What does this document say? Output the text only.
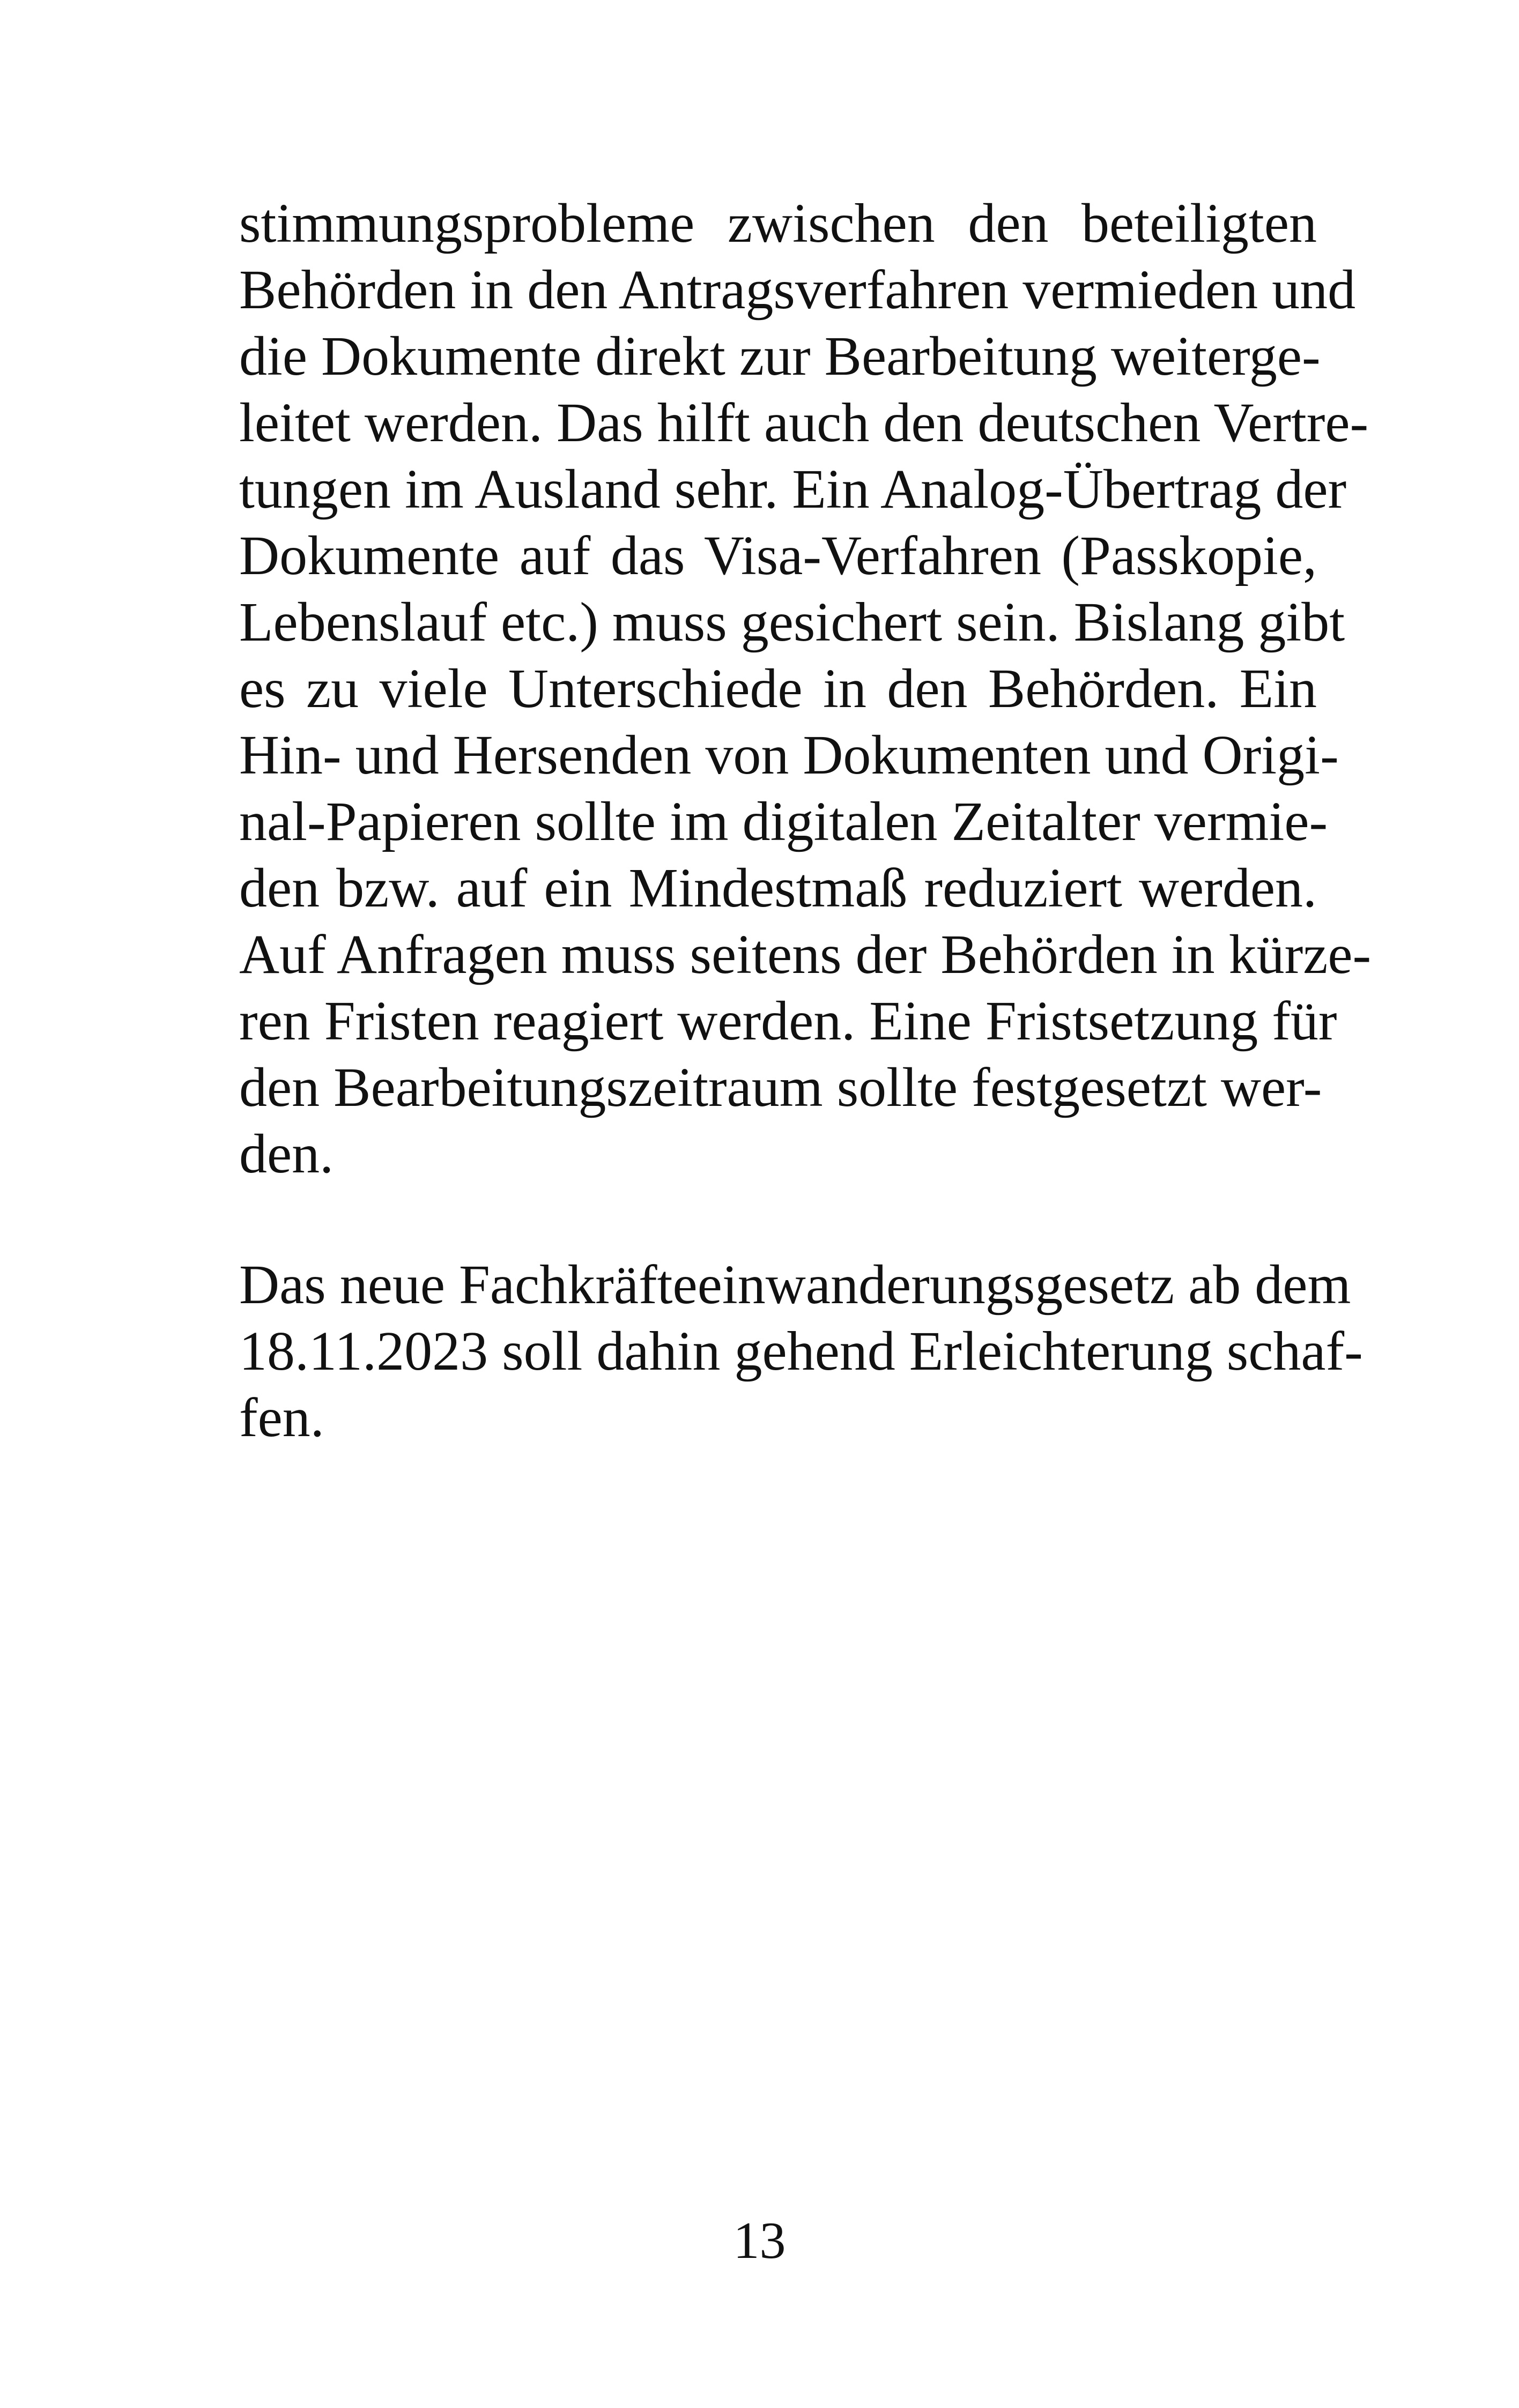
stimmungsprobleme zwischen den beteiligten
Behörden in den Antragsverfahren vermieden und
die Dokumente direkt zur Bearbeitung weiterge-
leitet werden. Das hilft auch den deutschen Vertre-
tungen im Ausland sehr. Ein Analog-Übertrag der
Dokumente auf das Visa-Verfahren (Passkopie,
Lebenslauf etc.) muss gesichert sein. Bislang gibt
es zu viele Unterschiede in den Behörden. Ein
Hin- und Hersenden von Dokumenten und Origi-
nal-Papieren sollte im digitalen Zeitalter vermie-
den bzw. auf ein Mindestmaß reduziert werden.
Auf Anfragen muss seitens der Behörden in kürze-
ren Fristen reagiert werden. Eine Fristsetzung für
den Bearbeitungszeitraum sollte festgesetzt wer-
den.
Das neue Fachkräfteeinwanderungsgesetz ab dem
18.11.2023 soll dahin gehend Erleichterung schaf-
fen.
13
